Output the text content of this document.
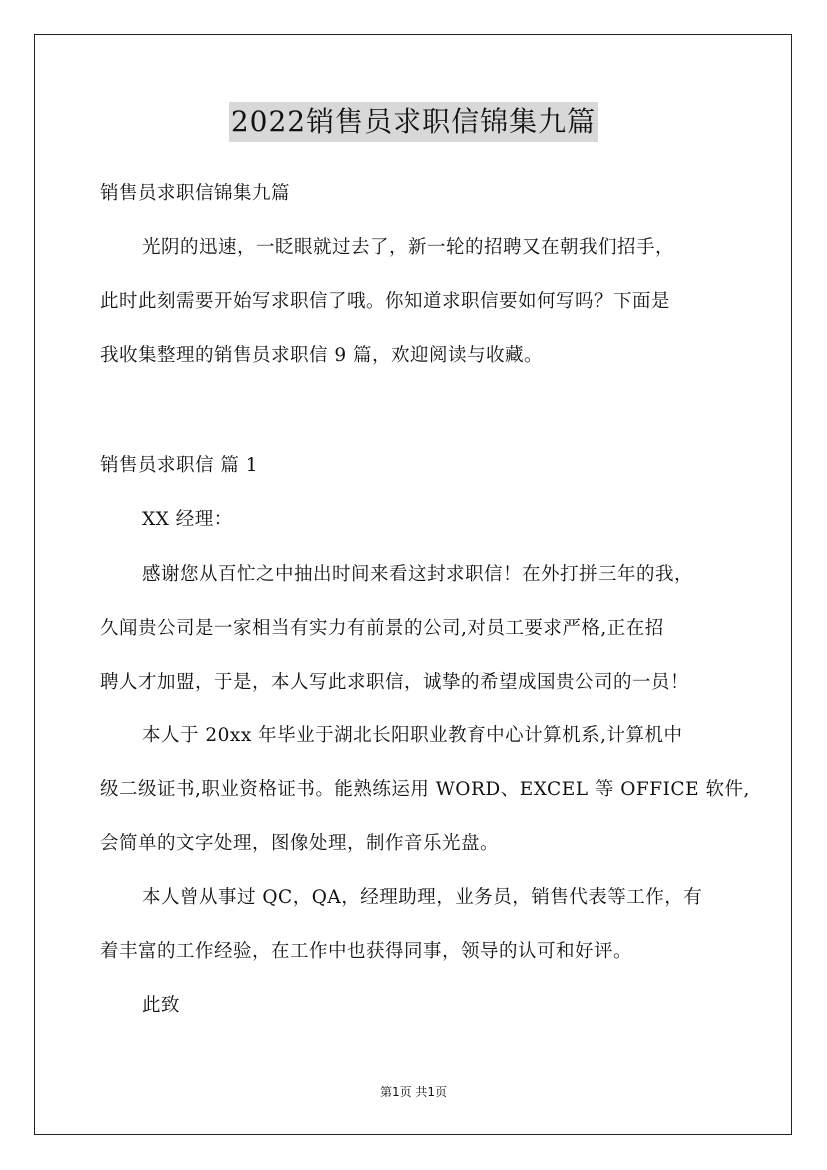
2022销售员求职信锦集九篇
销售员求职信锦集九篇
光阴的迅速，一眨眼就过去了，新一轮的招聘又在朝我们招手，
此时此刻需要开始写求职信了哦。你知道求职信要如何写吗？下面是
我收集整理的销售员求职信 9 篇，欢迎阅读与收藏。
销售员求职信 篇 1
XX 经理：
感谢您从百忙之中抽出时间来看这封求职信！在外打拼三年的我，
久闻贵公司是一家相当有实力有前景的公司,对员工要求严格,正在招
聘人才加盟，于是，本人写此求职信，诚挚的希望成国贵公司的一员！
本人于 20xx 年毕业于湖北长阳职业教育中心计算机系,计算机中
级二级证书,职业资格证书。能熟练运用 WORD、EXCEL 等 OFFICE 软件,
会简单的文字处理，图像处理，制作音乐光盘。
本人曾从事过 QC，QA，经理助理，业务员，销售代表等工作，有
着丰富的工作经验，在工作中也获得同事，领导的认可和好评。
此致
第1页 共1页
